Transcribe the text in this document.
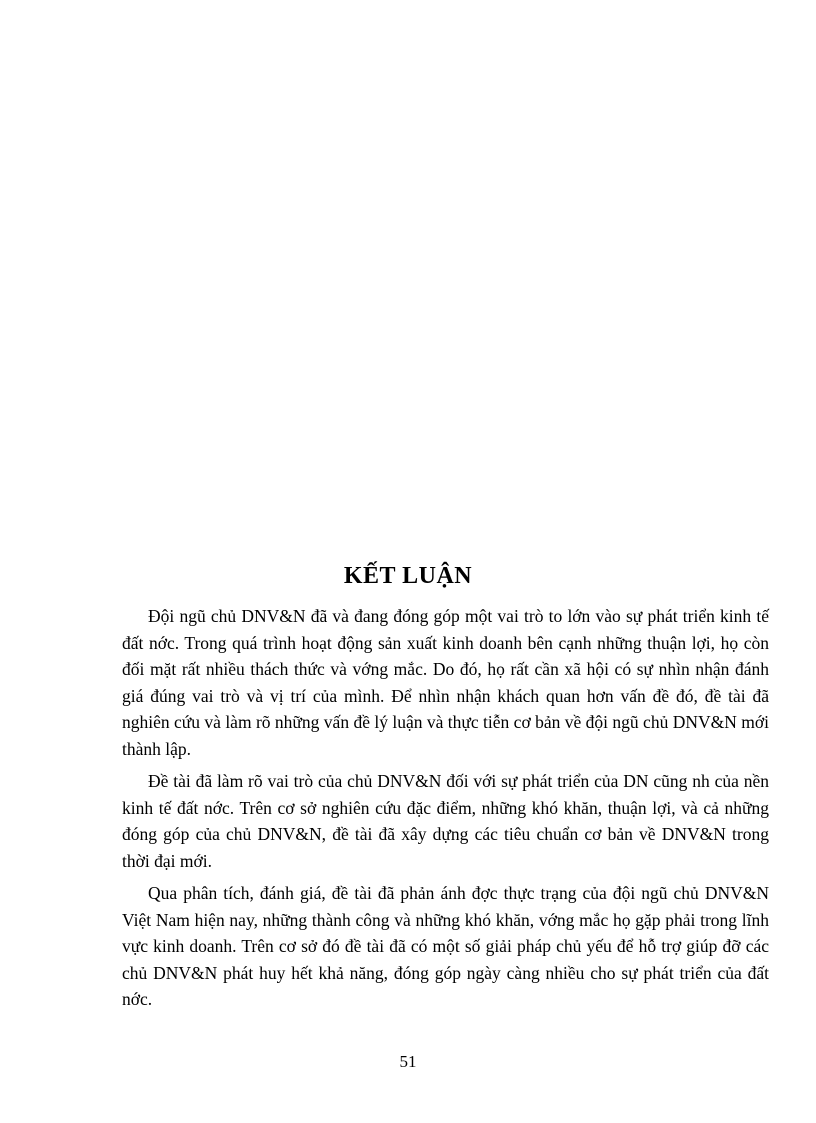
KẾT LUẬN

Đội ngũ chủ DNV&N đã và đang đóng góp một vai trò to lớn vào sự phát triển kinh tế đất nớc. Trong quá trình hoạt động sản xuất kinh doanh bên cạnh những thuận lợi, họ còn đối mặt rất nhiều thách thức và vớng mắc. Do đó, họ rất cần xã hội có sự nhìn nhận đánh giá đúng vai trò và vị trí của mình. Để nhìn nhận khách quan hơn vấn đề đó, đề tài đã nghiên cứu và làm rõ những vấn đề lý luận và thực tiễn cơ bản về đội ngũ chủ DNV&N mới thành lập.

Đề tài đã làm rõ vai trò của chủ DNV&N đối với sự phát triển của DN cũng nh của nền kinh tế đất nớc. Trên cơ sở nghiên cứu đặc điểm, những khó khăn, thuận lợi, và cả những đóng góp của chủ DNV&N, đề tài đã xây dựng các tiêu chuẩn cơ bản về DNV&N trong thời đại mới.

Qua phân tích, đánh giá, đề tài đã phản ánh đợc thực trạng của đội ngũ chủ DNV&N Việt Nam hiện nay, những thành công và những khó khăn, vớng mắc họ gặp phải trong lĩnh vực kinh doanh. Trên cơ sở đó đề tài đã có một số giải pháp chủ yếu để hỗ trợ giúp đỡ các chủ DNV&N phát huy hết khả năng, đóng góp ngày càng nhiều cho sự phát triển của đất nớc.

51
